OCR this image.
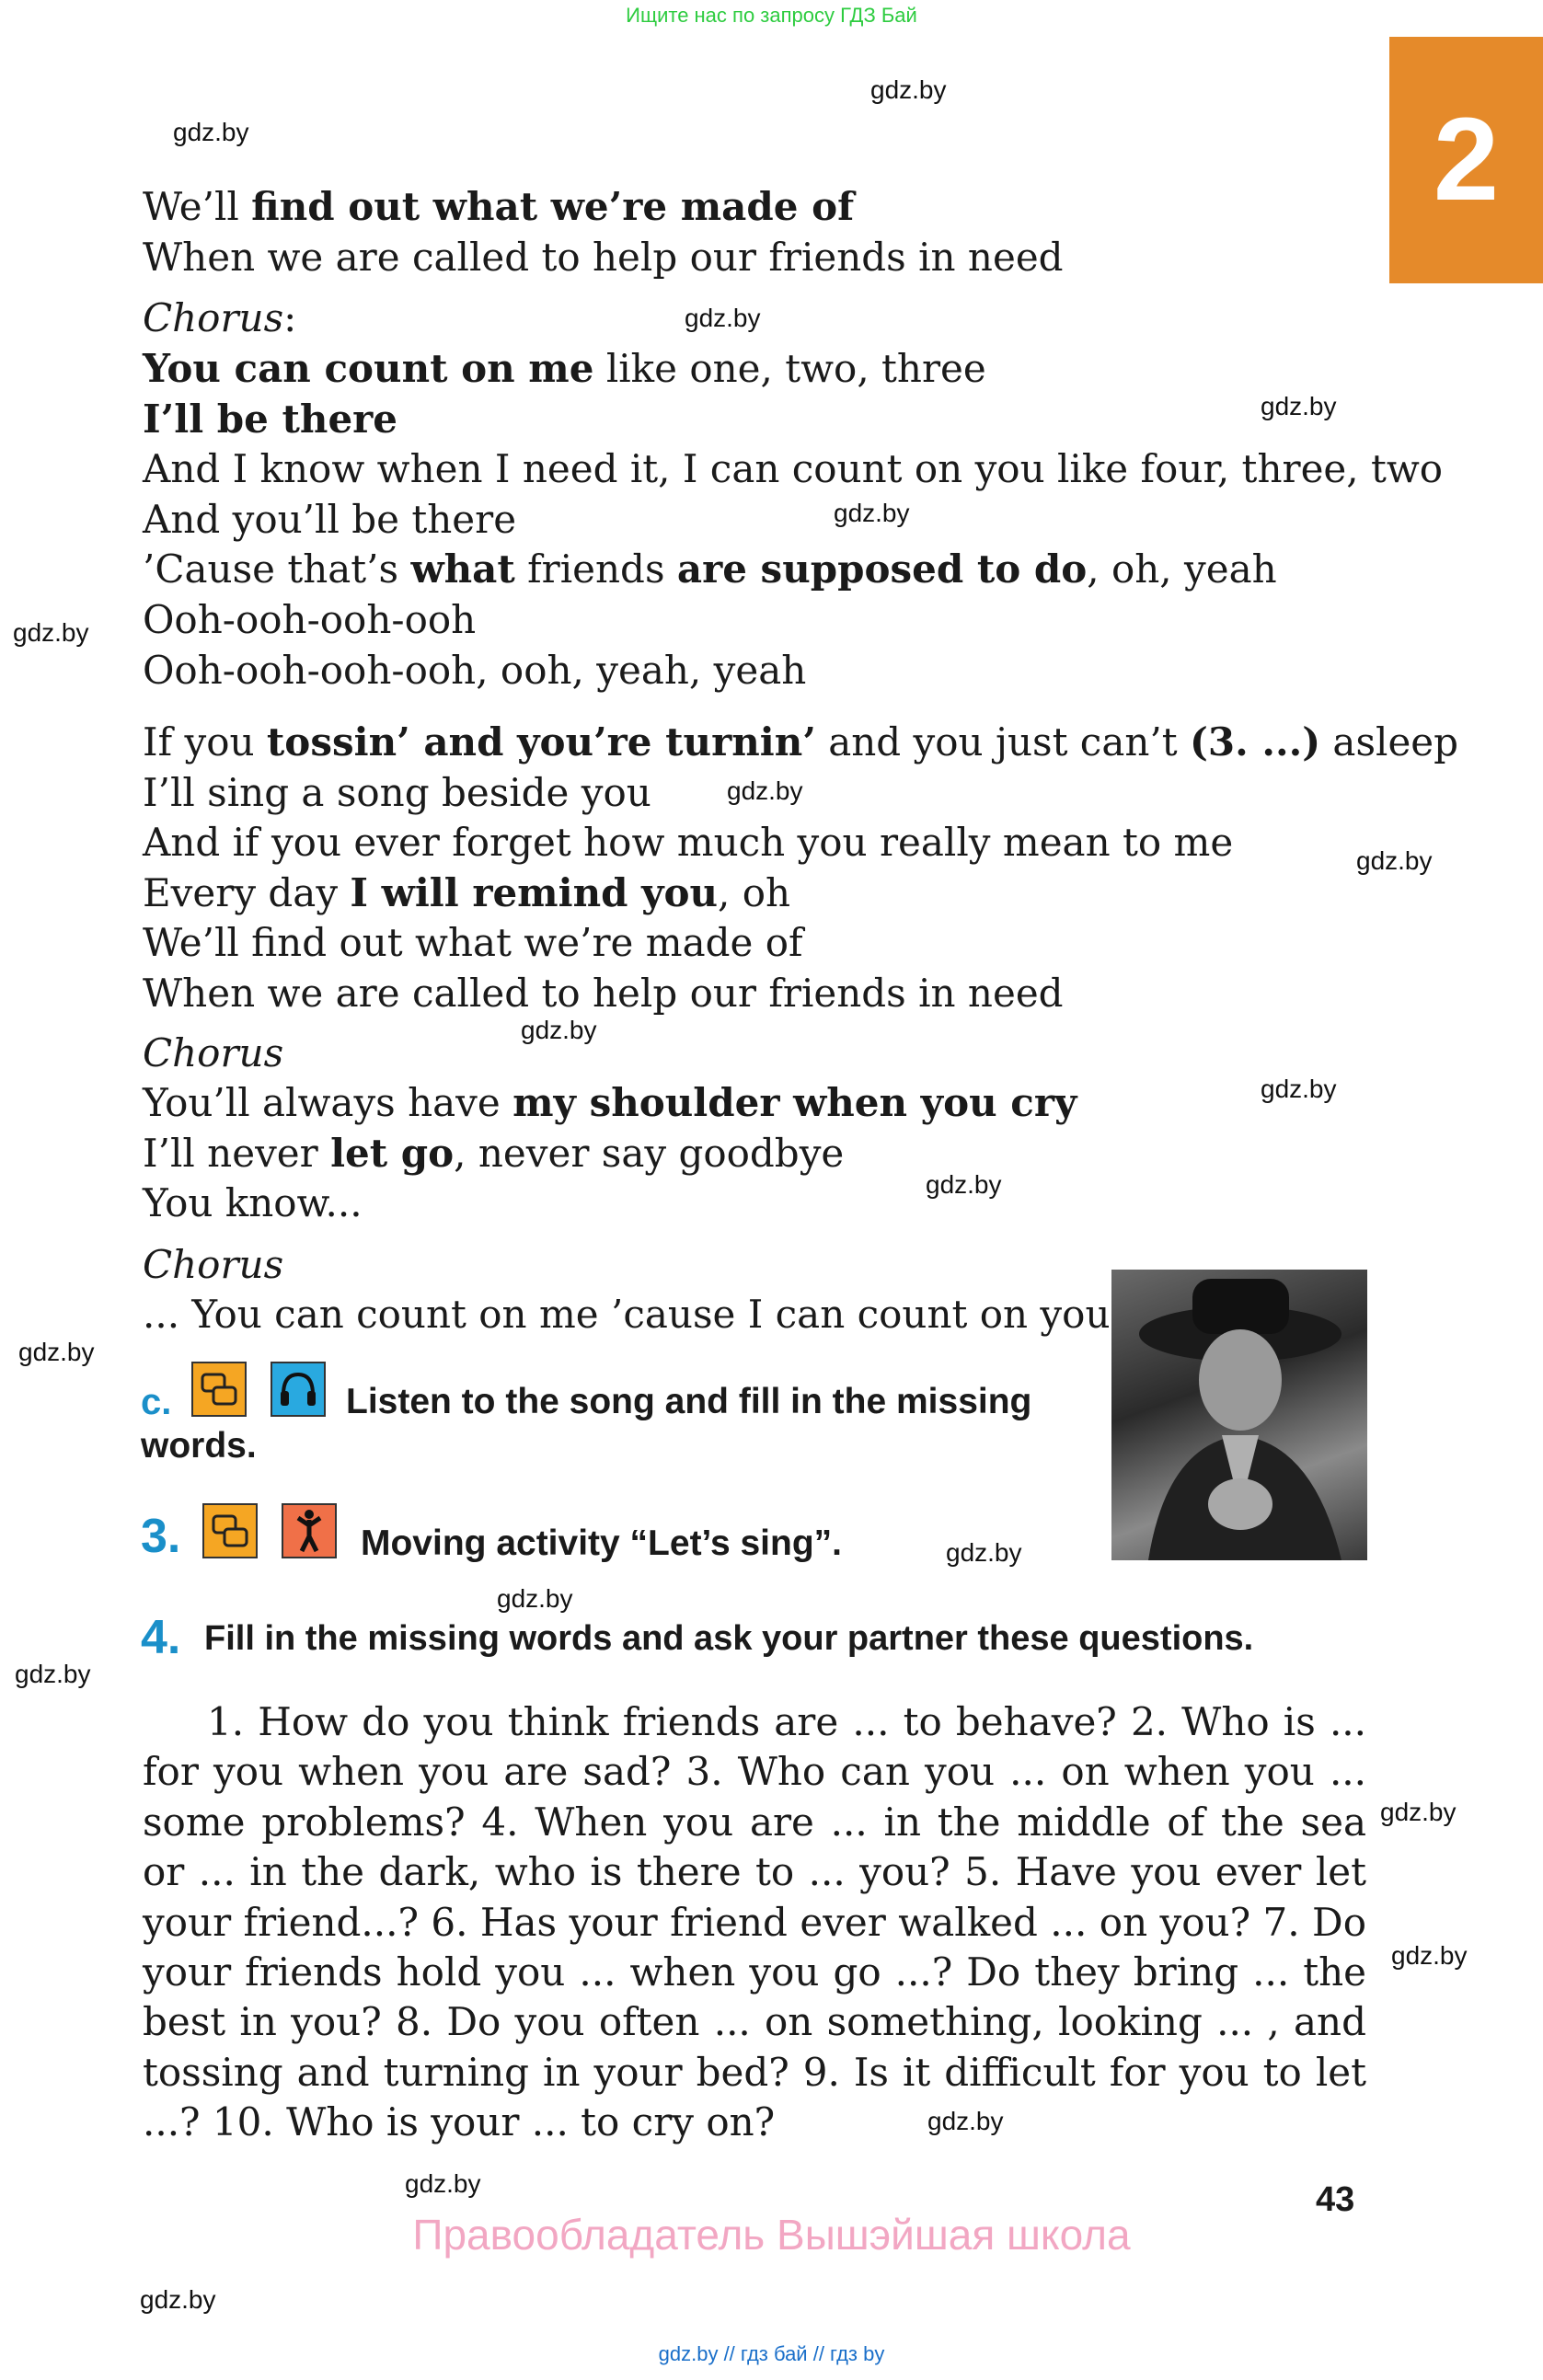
Ищите нас по запросу ГДЗ Бай
2
gdz.by
gdz.by
gdz.by
gdz.by
gdz.by
gdz.by
gdz.by
gdz.by
gdz.by
gdz.by
gdz.by
gdz.by
gdz.by
gdz.by
gdz.by
gdz.by
gdz.by
gdz.by
gdz.by
gdz.by
We’ll find out what we’re made of
When we are called to help our friends in need
Chorus:
You can count on me like one, two, three
I’ll be there
And I know when I need it, I can count on you like four, three, two
And you’ll be there
’Cause that’s what friends are supposed to do, oh, yeah
Ooh-ooh-ooh-ooh
Ooh-ooh-ooh-ooh, ooh, yeah, yeah
If you tossin’ and you’re turnin’ and you just can’t (3. ...) asleep
I’ll sing a song beside you
And if you ever forget how much you really mean to me
Every day I will remind you, oh
We’ll find out what we’re made of
When we are called to help our friends in need
Chorus
You’ll always have my shoulder when you cry
I’ll never let go, never say goodbye
You know...
Chorus
... You can count on me ’cause I can count on you
c.	Listen to the song and fill in the missing
words.
3.	Moving activity “Let’s sing”.
4. Fill in the missing words and ask your partner these questions.

1. How do you think friends are ... to behave? 2. Who is ... for you when you are sad? 3. Who can you ... on when you ... some problems? 4. When you are ... in the middle of the sea or ... in the dark, who is there to ... you? 5. Have you ever let your friend...? 6. Has your friend ever walked ... on you? 7. Do your friends hold you ... when you go ...? Do they bring ... the best in you? 8. Do you often ... on something, looking ... , and tossing and turning in your bed? 9. Is it difficult for you to let ...? 10. Who is your ... to cry on?

43
Правообладатель Вышэйшая школа
gdz.by // гдз бай // гдз by
